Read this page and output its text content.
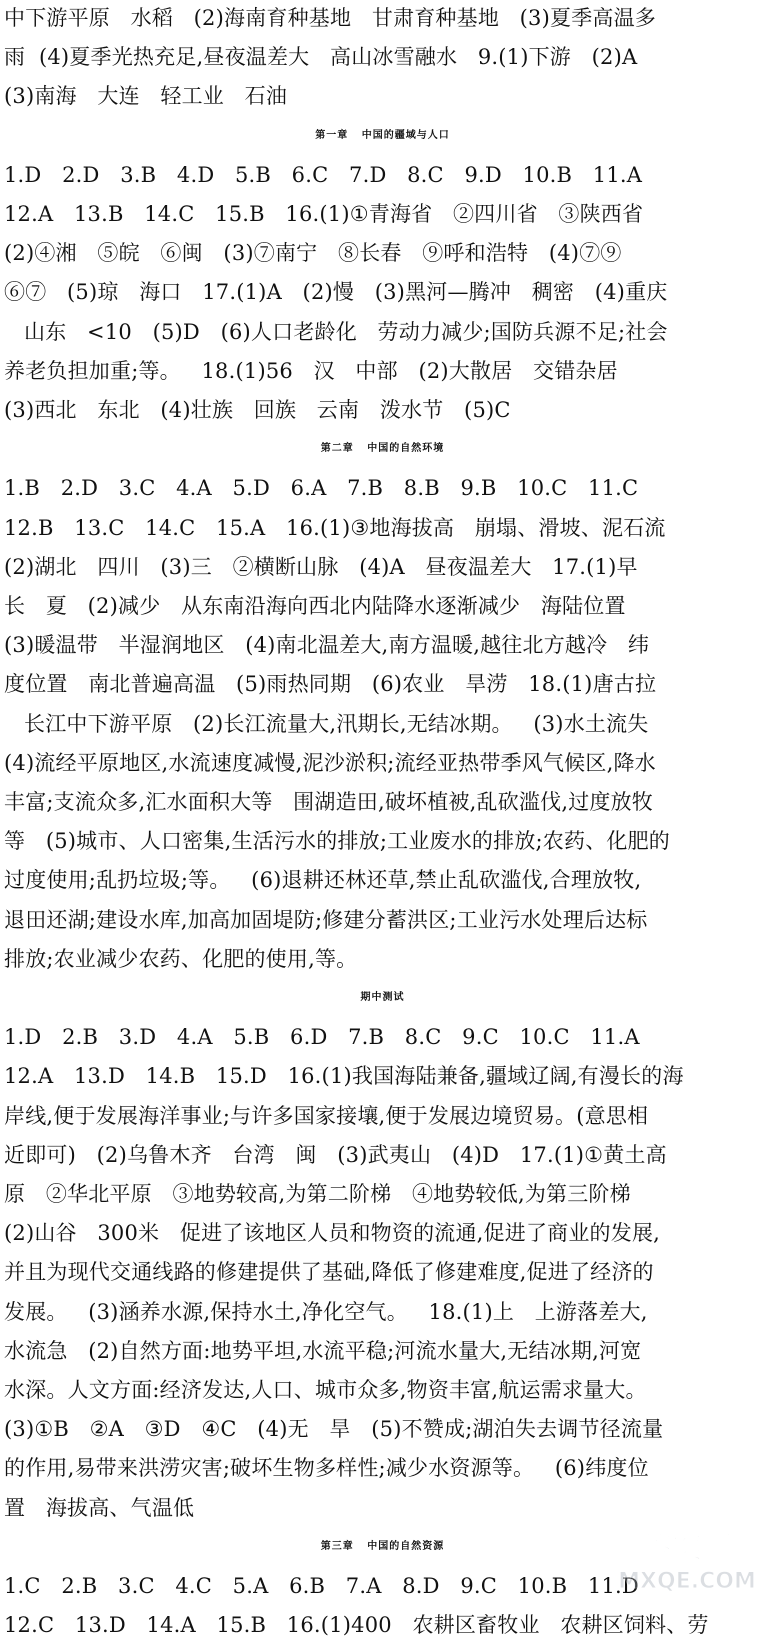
中下游平原   水稻   (2)海南育种基地   甘肃育种基地   (3)夏季高温多
雨  (4)夏季光热充足,昼夜温差大   高山冰雪融水   9.(1)下游   (2)A
(3)南海   大连   轻工业   石油
第一章   中国的疆域与人口
1.D   2.D   3.B   4.D   5.B   6.C   7.D   8.C   9.D   10.B   11.A
12.A   13.B   14.C   15.B   16.(1)①青海省   ②四川省   ③陕西省
(2)④湘   ⑤皖   ⑥闽   (3)⑦南宁   ⑧长春   ⑨呼和浩特   (4)⑦⑨
⑥⑦   (5)琼   海口   17.(1)A   (2)慢   (3)黑河—腾冲   稠密   (4)重庆
山东   <10   (5)D   (6)人口老龄化   劳动力减少;国防兵源不足;社会
养老负担加重;等。   18.(1)56   汉   中部   (2)大散居   交错杂居
(3)西北   东北   (4)壮族   回族   云南   泼水节   (5)C
第二章   中国的自然环境
1.B   2.D   3.C   4.A   5.D   6.A   7.B   8.B   9.B   10.C   11.C
12.B   13.C   14.C   15.A   16.(1)③地海拔高   崩塌、滑坡、泥石流
(2)湖北   四川   (3)三   ②横断山脉   (4)A   昼夜温差大   17.(1)早
长   夏   (2)减少   从东南沿海向西北内陆降水逐渐减少   海陆位置
(3)暖温带   半湿润地区   (4)南北温差大,南方温暖,越往北方越冷   纬
度位置   南北普遍高温   (5)雨热同期   (6)农业   旱涝   18.(1)唐古拉
长江中下游平原   (2)长江流量大,汛期长,无结冰期。   (3)水土流失
(4)流经平原地区,水流速度减慢,泥沙淤积;流经亚热带季风气候区,降水
丰富;支流众多,汇水面积大等   围湖造田,破坏植被,乱砍滥伐,过度放牧
等   (5)城市、人口密集,生活污水的排放;工业废水的排放;农药、化肥的
过度使用;乱扔垃圾;等。   (6)退耕还林还草,禁止乱砍滥伐,合理放牧,
退田还湖;建设水库,加高加固堤防;修建分蓄洪区;工业污水处理后达标
排放;农业减少农药、化肥的使用,等。
期中测试
1.D   2.B   3.D   4.A   5.B   6.D   7.B   8.C   9.C   10.C   11.A
12.A   13.D   14.B   15.D   16.(1)我国海陆兼备,疆域辽阔,有漫长的海
岸线,便于发展海洋事业;与许多国家接壤,便于发展边境贸易。(意思相
近即可)   (2)乌鲁木齐   台湾   闽   (3)武夷山   (4)D   17.(1)①黄土高
原   ②华北平原   ③地势较高,为第二阶梯   ④地势较低,为第三阶梯
(2)山谷   300米   促进了该地区人员和物资的流通,促进了商业的发展,
并且为现代交通线路的修建提供了基础,降低了修建难度,促进了经济的
发展。   (3)涵养水源,保持水土,净化空气。   18.(1)上   上游落差大,
水流急   (2)自然方面:地势平坦,水流平稳;河流水量大,无结冰期,河宽
水深。人文方面:经济发达,人口、城市众多,物资丰富,航运需求量大。
(3)①B   ②A   ③D   ④C   (4)无   旱   (5)不赞成;湖泊失去调节径流量
的作用,易带来洪涝灾害;破坏生物多样性;减少水资源等。   (6)纬度位
置   海拔高、气温低
第三章   中国的自然资源
1.C   2.B   3.C   4.C   5.A   6.B   7.A   8.D   9.C   10.B   11.D
12.C   13.D   14.A   15.B   16.(1)400   农耕区畜牧业   农耕区饲料、劳
答案圈
MXQE.COM
